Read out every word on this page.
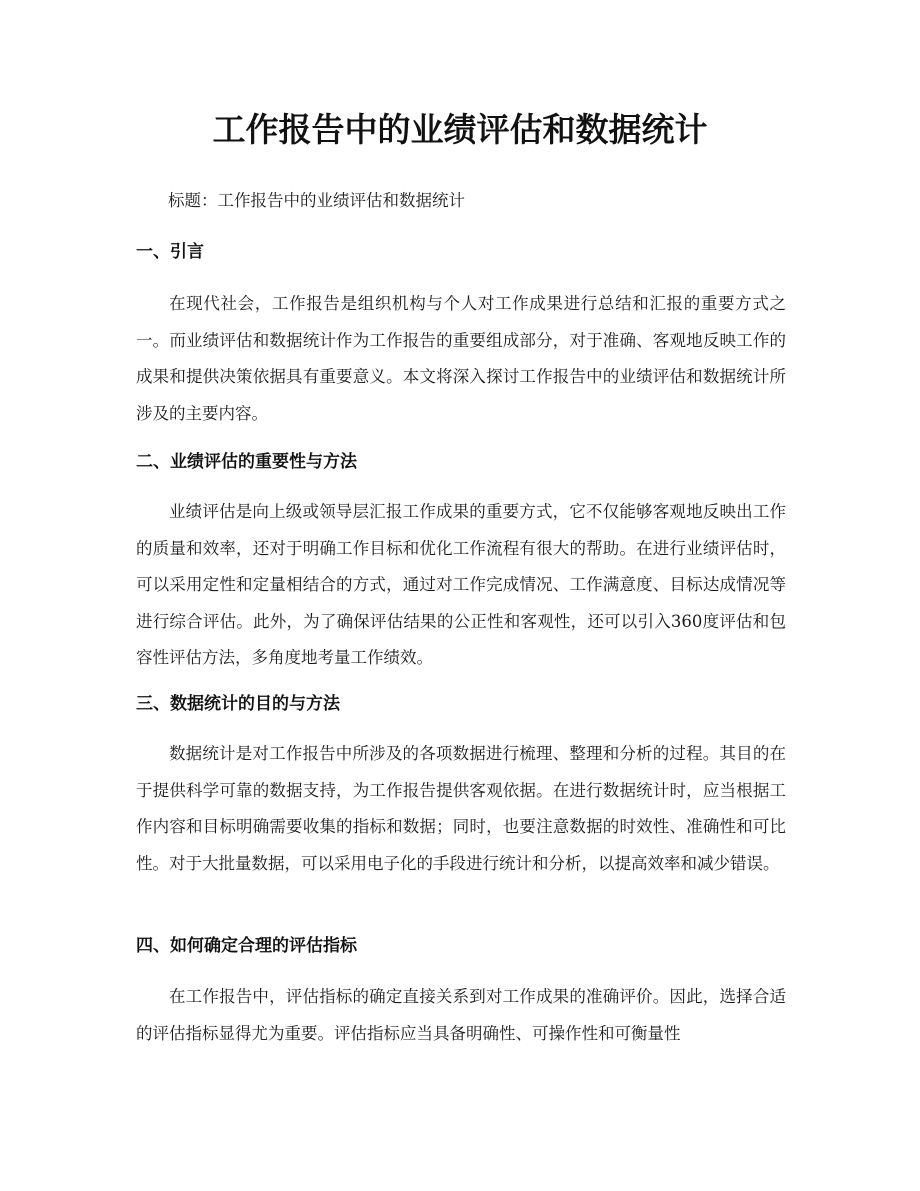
工作报告中的业绩评估和数据统计

标题：工作报告中的业绩评估和数据统计

一、引言

在现代社会，工作报告是组织机构与个人对工作成果进行总结和汇报的重要方式之一。而业绩评估和数据统计作为工作报告的重要组成部分，对于准确、客观地反映工作的成果和提供决策依据具有重要意义。本文将深入探讨工作报告中的业绩评估和数据统计所涉及的主要内容。

二、业绩评估的重要性与方法

业绩评估是向上级或领导层汇报工作成果的重要方式，它不仅能够客观地反映出工作的质量和效率，还对于明确工作目标和优化工作流程有很大的帮助。在进行业绩评估时，可以采用定性和定量相结合的方式，通过对工作完成情况、工作满意度、目标达成情况等进行综合评估。此外，为了确保评估结果的公正性和客观性，还可以引入360度评估和包容性评估方法，多角度地考量工作绩效。

三、数据统计的目的与方法

数据统计是对工作报告中所涉及的各项数据进行梳理、整理和分析的过程。其目的在于提供科学可靠的数据支持，为工作报告提供客观依据。在进行数据统计时，应当根据工作内容和目标明确需要收集的指标和数据；同时，也要注意数据的时效性、准确性和可比性。对于大批量数据，可以采用电子化的手段进行统计和分析，以提高效率和减少错误。

四、如何确定合理的评估指标

在工作报告中，评估指标的确定直接关系到对工作成果的准确评价。因此，选择合适的评估指标显得尤为重要。评估指标应当具备明确性、可操作性和可衡量性
